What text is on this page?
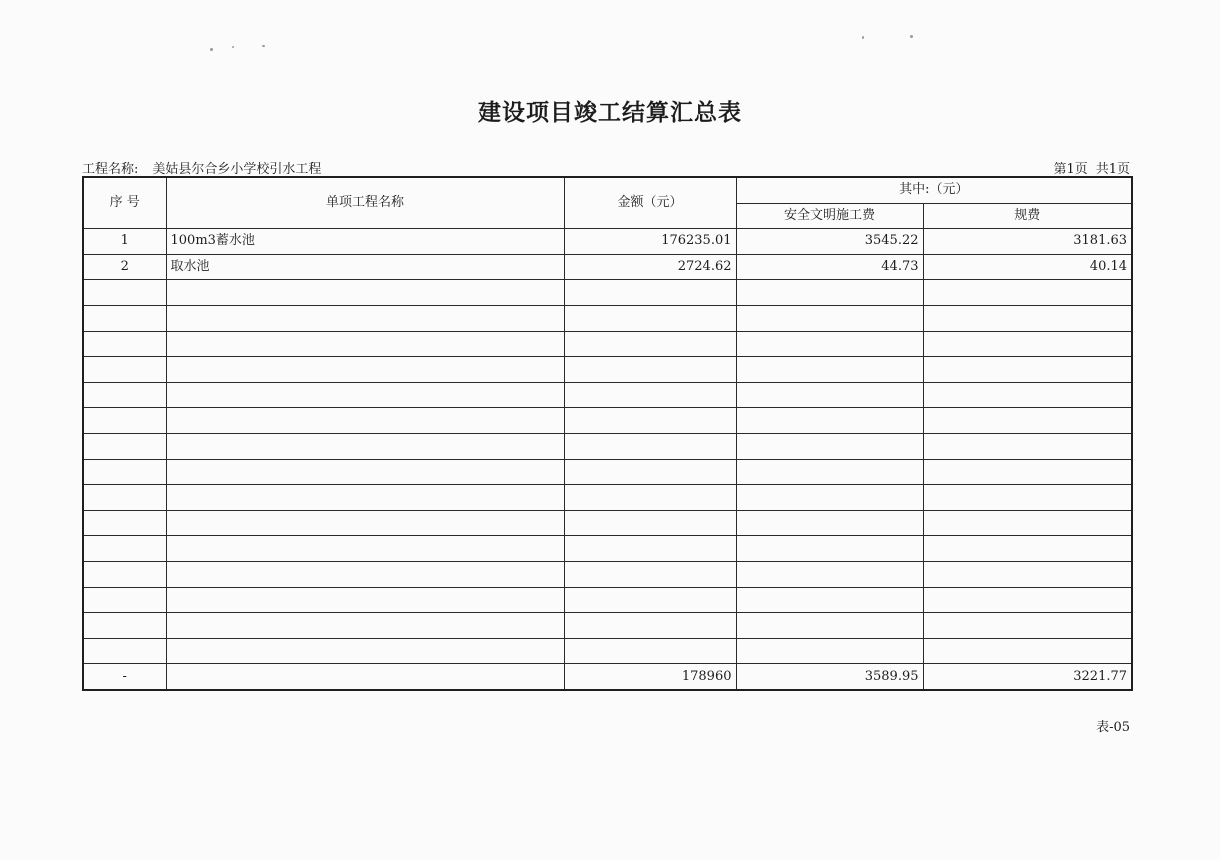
建设项目竣工结算汇总表
工程名称: 美姑县尔合乡小学校引水工程	第1页 共1页
序 号	单项工程名称	金额（元）	其中:（元）	
			安全文明施工费	规费
1	100m3蓄水池	176235.01	3545.22	3181.63
2	取水池	2724.62	44.73	40.14

-		178960	3589.95	3221.77
表-05
